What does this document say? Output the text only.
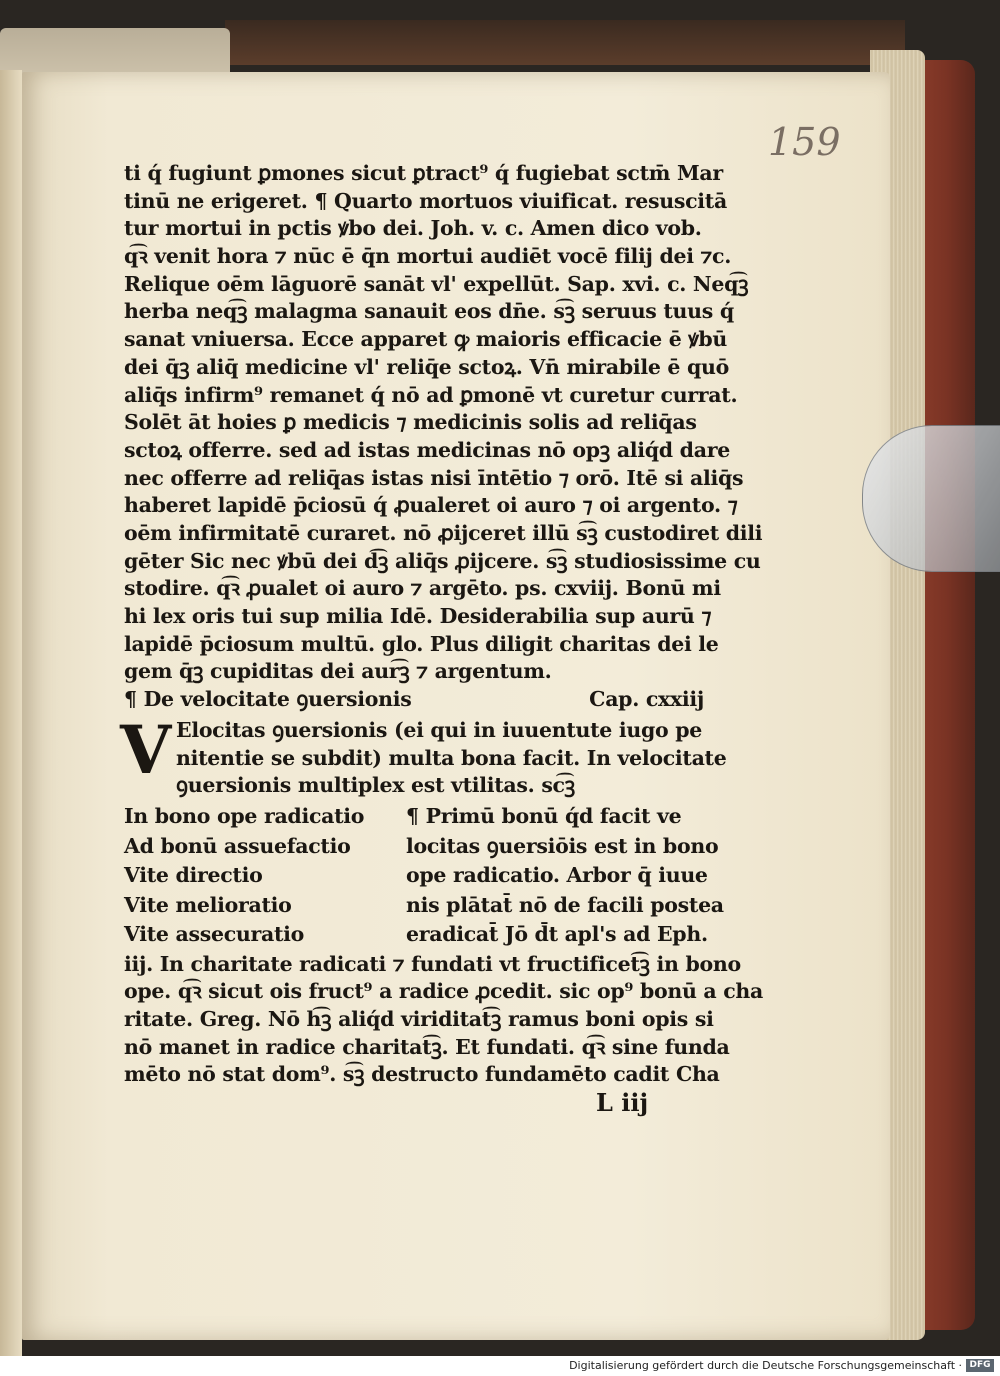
159
ti q́ fugiunt ꝑmones sicut ꝑtract⁹ q́ fugiebat sctm̄ Mar
tinū ne erigeret. ¶ Quarto mortuos viuificat. resuscitā
tur mortui in pctis ꝟbo dei. Joh. v. c. Amen dico vob.
q͡ꝛ venit hora ⁊ nūc ē q̄n mortui audiēt vocē filij dei ⁊c.
Relique oēm lāguorē sanāt vl' expellūt. Sap. xvi. c. Neq͡ꝫ
herba neq͡ꝫ malagma sanauit eos dn̄e. s͡ꝫ seruus tuus q́
sanat vniuersa. Ecce apparet ꝙ maioris efficacie ē ꝟbū
dei q̄ꝫ aliq̄ medicine vl' reliq̄e sctoꝝ. Vn̄ mirabile ē quō
aliq̄s infirm⁹ remanet q́ nō ad ꝑmonē vt curetur currat.
Solēt āt hoies ꝑ medicis ⁊ medicinis solis ad reliq̄as
sctoꝝ offerre. sed ad istas medicinas nō opꝫ aliq́d dare
nec offerre ad reliq̄as istas nisi īntētio ⁊ orō. Itē si aliq̄s
haberet lapidē p̄ciosū q́ ꝓualeret oi auro ⁊ oi argento. ⁊
oēm infirmitatē curaret. nō ꝓijceret illū s͡ꝫ custodiret dili
gēter Sic nec ꝟbū dei d͡ꝫ aliq̄s ꝓijcere. s͡ꝫ studiosissime cu
stodire. q͡ꝛ ꝓualet oi auro ⁊ argēto. ps. cxviij. Bonū mi
hi lex oris tui sup milia Idē. Desiderabilia sup aurū ⁊
lapidē p̄ciosum multū. glo. Plus diligit charitas dei le
gem q̄ꝫ cupiditas dei aur͡ꝫ ⁊ argentum.
¶ De velocitate ꝯuersionis	Cap. cxxiij
V Elocitas ꝯuersionis (ei qui in iuuentute iugo pe
nitentie se subdit) multa bona facit. In velocitate
ꝯuersionis multiplex est vtilitas. sc͡ꝫ
In bono ope radicatio
Ad bonū assuefactio
Vite directio
Vite melioratio
Vite assecuratio
¶ Primū bonū q́d facit ve
locitas ꝯuersiōis est in bono
ope radicatio. Arbor q̄ iuue
nis plātat̄ nō de facili postea
eradicat̄ Jō d̄t apl's ad Eph.
iij. In charitate radicati ⁊ fundati vt fructificet͡ꝫ in bono
ope. q͡ꝛ sicut ois fruct⁹ a radice ꝓcedit. sic op⁹ bonū a cha
ritate. Greg. Nō h͡ꝫ aliq́d viriditat͡ꝫ ramus boni opis si
nō manet in radice charitat͡ꝫ. Et fundati. q͡ꝛ sine funda
mēto nō stat dom⁹. s͡ꝫ destructo fundamēto cadit Cha
L iij
Digitalisierung gefördert durch die Deutsche Forschungsgemeinschaft · DFG
